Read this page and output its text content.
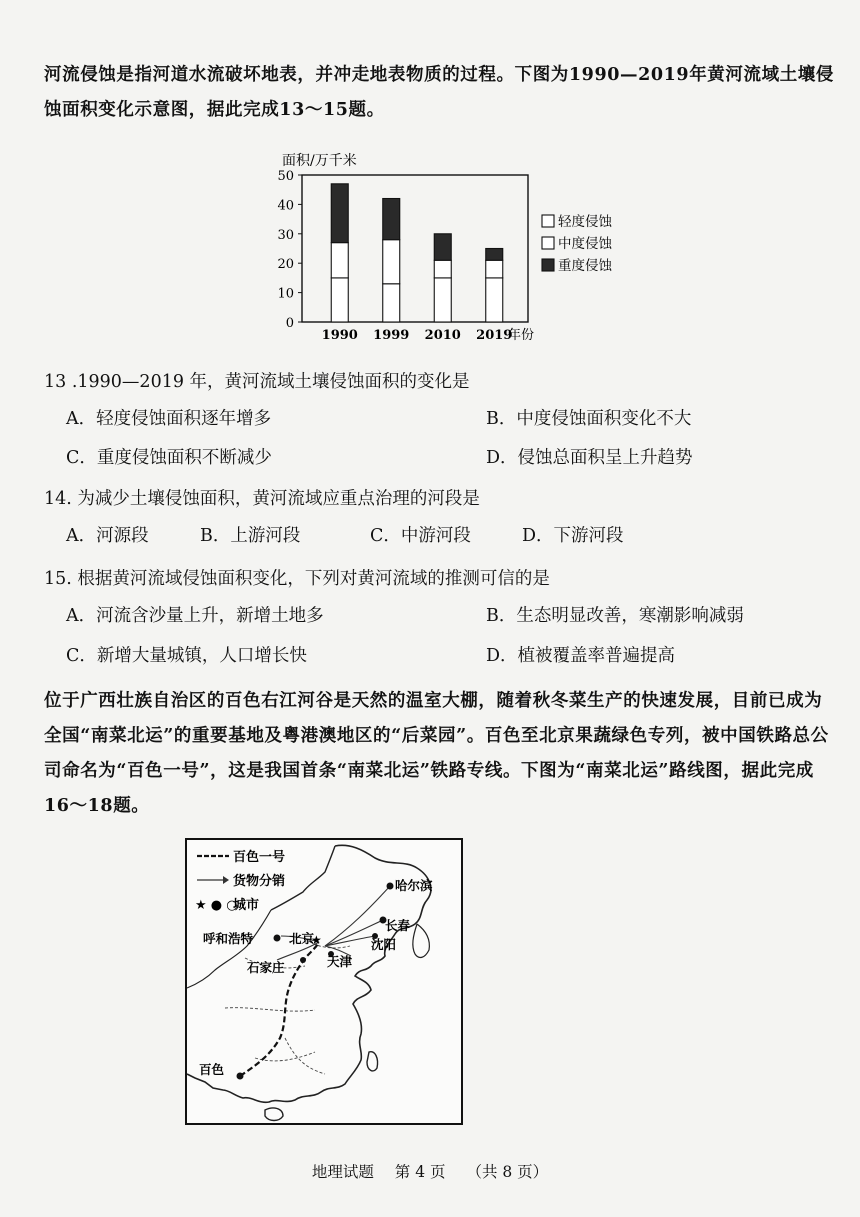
河流侵蚀是指河道水流破坏地表，并冲走地表物质的过程。下图为1990—2019年黄河流域土壤侵蚀面积变化示意图，据此完成13～15题。
面积/万千米
0
10
20
30
40
50
1990 1999 2010 2019
年份
轻度侵蚀
中度侵蚀
重度侵蚀
13 .1990—2019 年，黄河流域土壤侵蚀面积的变化是
A．轻度侵蚀面积逐年增多	B．中度侵蚀面积变化不大
C．重度侵蚀面积不断减少	D．侵蚀总面积呈上升趋势
14. 为减少土壤侵蚀面积，黄河流域应重点治理的河段是
A．河源段	B．上游河段	C．中游河段	D．下游河段
15. 根据黄河流域侵蚀面积变化，下列对黄河流域的推测可信的是
A．河流含沙量上升，新增土地多	B．生态明显改善，寒潮影响减弱
C．新增大量城镇，人口增长快	D．植被覆盖率普遍提高
位于广西壮族自治区的百色右江河谷是天然的温室大棚，随着秋冬菜生产的快速发展，目前已成为全国“南菜北运”的重要基地及粤港澳地区的“后菜园”。百色至北京果蔬绿色专列，被中国铁路总公司命名为“百色一号”，这是我国首条“南菜北运”铁路专线。下图为“南菜北运”路线图，据此完成16～18题。
百色一号
货物分销
★ ● ○
城市
哈尔滨
长春
沈阳
呼和浩特	★
北京
天津
石家庄
百色
地理试题 第 4 页 （共 8 页）
